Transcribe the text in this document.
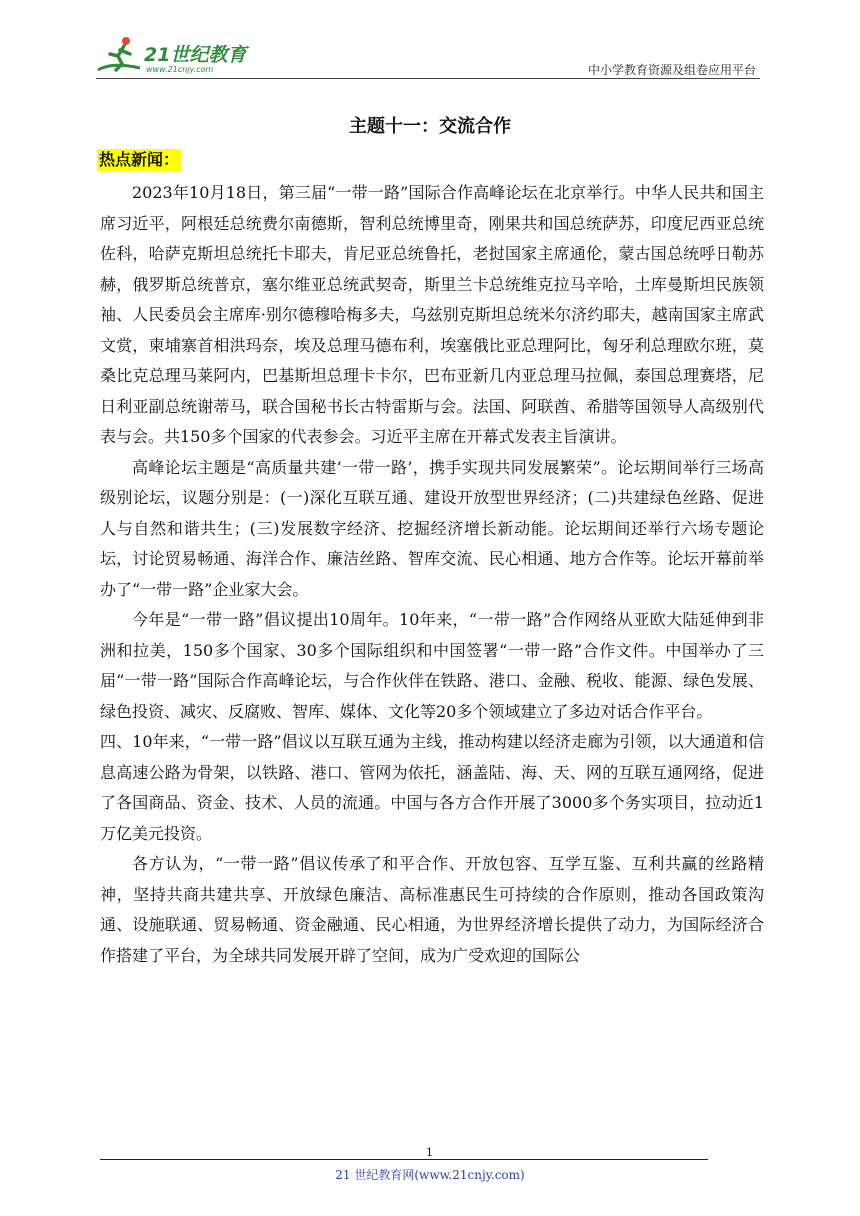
21世纪教育
www.21cnjy.com	中小学教育资源及组卷应用平台
主题十一：交流合作
热点新闻：

2023年10月18日，第三届“一带一路”国际合作高峰论坛在北京举行。中华人民共和国主席习近平，阿根廷总统费尔南德斯，智利总统博里奇，刚果共和国总统萨苏，印度尼西亚总统佐科，哈萨克斯坦总统托卡耶夫，肯尼亚总统鲁托，老挝国家主席通伦，蒙古国总统呼日勒苏赫，俄罗斯总统普京，塞尔维亚总统武契奇，斯里兰卡总统维克拉马辛哈，土库曼斯坦民族领袖、人民委员会主席库·别尔德穆哈梅多夫，乌兹别克斯坦总统米尔济约耶夫，越南国家主席武文赏，柬埔寨首相洪玛奈，埃及总理马德布利，埃塞俄比亚总理阿比，匈牙利总理欧尔班，莫桑比克总理马莱阿内，巴基斯坦总理卡卡尔，巴布亚新几内亚总理马拉佩，泰国总理赛塔，尼日利亚副总统谢蒂马，联合国秘书长古特雷斯与会。法国、阿联酋、希腊等国领导人高级别代表与会。共150多个国家的代表参会。习近平主席在开幕式发表主旨演讲。

高峰论坛主题是“高质量共建‘一带一路’，携手实现共同发展繁荣”。论坛期间举行三场高级别论坛，议题分别是：(一)深化互联互通、建设开放型世界经济；(二)共建绿色丝路、促进人与自然和谐共生；(三)发展数字经济、挖掘经济增长新动能。论坛期间还举行六场专题论坛，讨论贸易畅通、海洋合作、廉洁丝路、智库交流、民心相通、地方合作等。论坛开幕前举办了“一带一路”企业家大会。

今年是“一带一路”倡议提出10周年。10年来，“一带一路”合作网络从亚欧大陆延伸到非洲和拉美，150多个国家、30多个国际组织和中国签署“一带一路”合作文件。中国举办了三届“一带一路”国际合作高峰论坛，与合作伙伴在铁路、港口、金融、税收、能源、绿色发展、绿色投资、减灾、反腐败、智库、媒体、文化等20多个领域建立了多边对话合作平台。

四、10年来，“一带一路”倡议以互联互通为主线，推动构建以经济走廊为引领，以大通道和信息高速公路为骨架，以铁路、港口、管网为依托，涵盖陆、海、天、网的互联互通网络，促进了各国商品、资金、技术、人员的流通。中国与各方合作开展了3000多个务实项目，拉动近1万亿美元投资。

各方认为，“一带一路”倡议传承了和平合作、开放包容、互学互鉴、互利共赢的丝路精神，坚持共商共建共享、开放绿色廉洁、高标准惠民生可持续的合作原则，推动各国政策沟通、设施联通、贸易畅通、资金融通、民心相通，为世界经济增长提供了动力，为国际经济合作搭建了平台，为全球共同发展开辟了空间，成为广受欢迎的国际公

1
21 世纪教育网(www.21cnjy.com)
